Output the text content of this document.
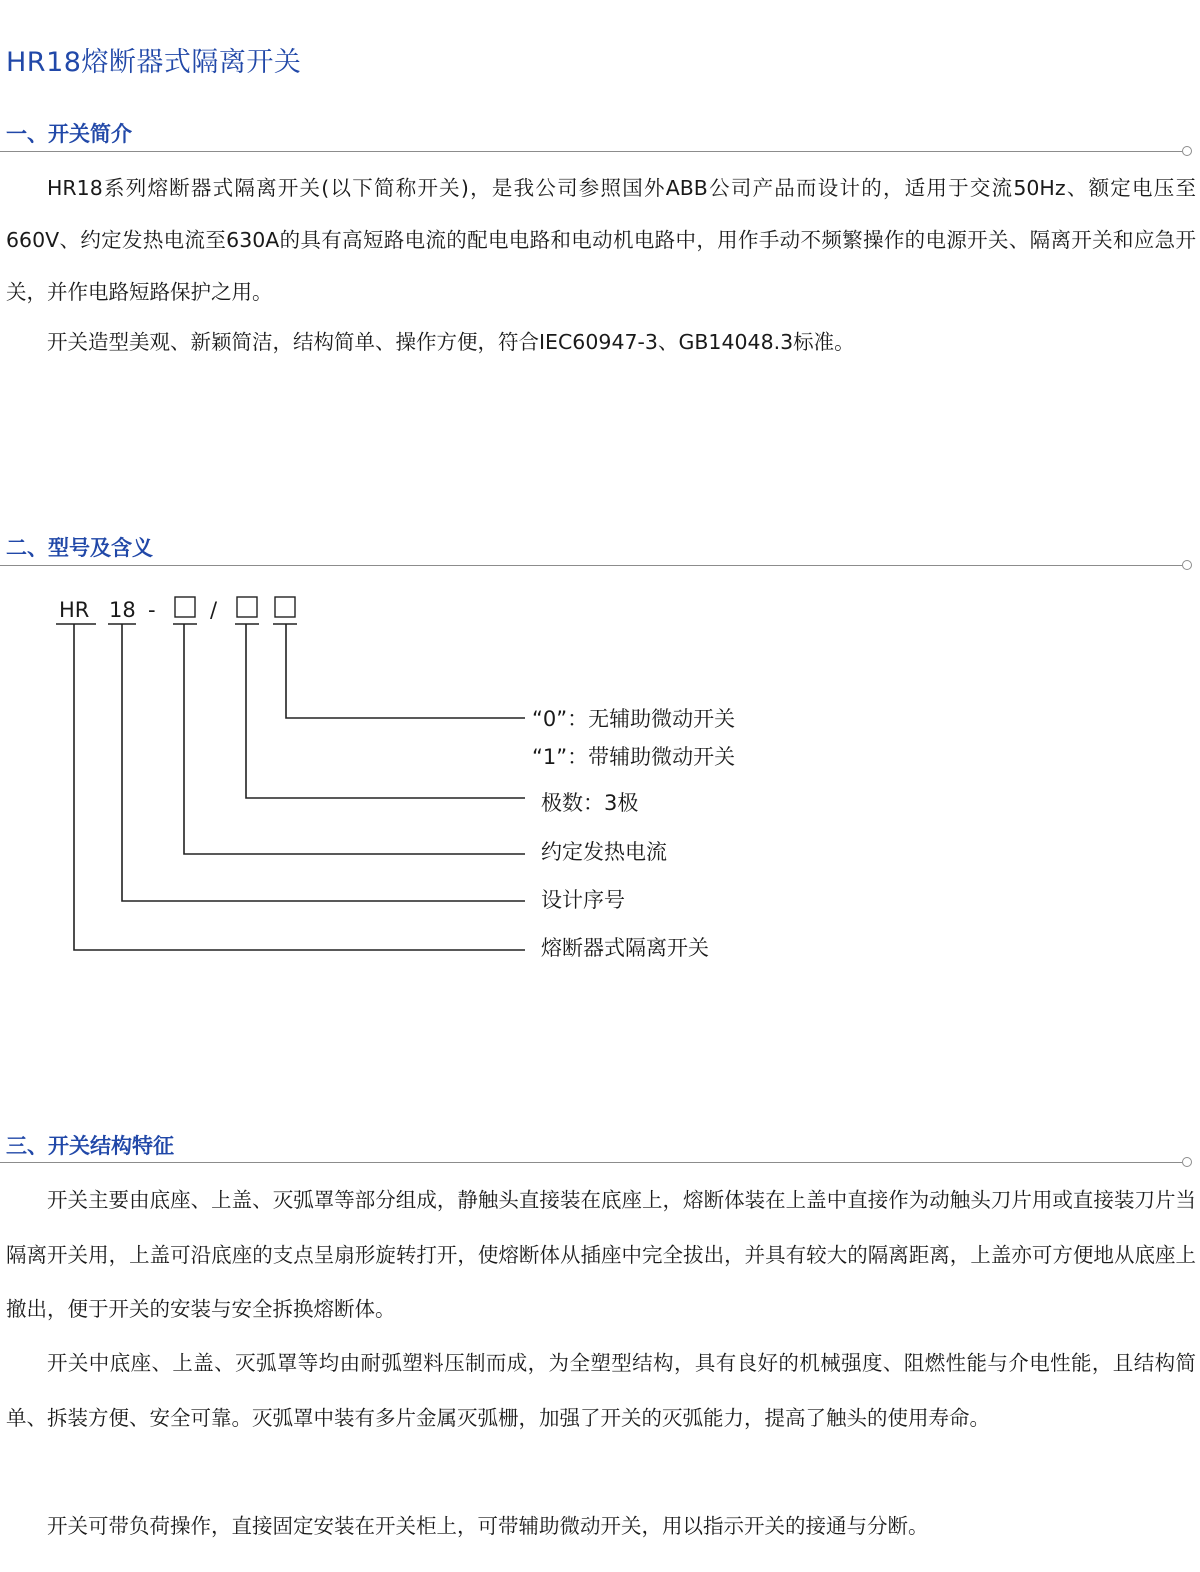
HR18熔断器式隔离开关
一、开关简介

HR18系列熔断器式隔离开关(以下简称开关)，是我公司参照国外ABB公司产品而设计的，适用于交流50Hz、额定电压至660V、约定发热电流至630A的具有高短路电流的配电电路和电动机电路中，用作手动不频繁操作的电源开关、隔离开关和应急开关，并作电路短路保护之用。

开关造型美观、新颖简洁，结构简单、操作方便，符合IEC60947-3、GB14048.3标准。

二、型号及含义
HR 18 -	/
“0”：无辅助微动开关
“1”：带辅助微动开关
极数：3极
约定发热电流
设计序号
熔断器式隔离开关
三、开关结构特征

开关主要由底座、上盖、灭弧罩等部分组成，静触头直接装在底座上，熔断体装在上盖中直接作为动触头刀片用或直接装刀片当隔离开关用，上盖可沿底座的支点呈扇形旋转打开，使熔断体从插座中完全拔出，并具有较大的隔离距离，上盖亦可方便地从底座上撤出，便于开关的安装与安全拆换熔断体。

开关中底座、上盖、灭弧罩等均由耐弧塑料压制而成，为全塑型结构，具有良好的机械强度、阻燃性能与介电性能，且结构简单、拆装方便、安全可靠。灭弧罩中装有多片金属灭弧栅，加强了开关的灭弧能力，提高了触头的使用寿命。

开关可带负荷操作，直接固定安装在开关柜上，可带辅助微动开关，用以指示开关的接通与分断。
